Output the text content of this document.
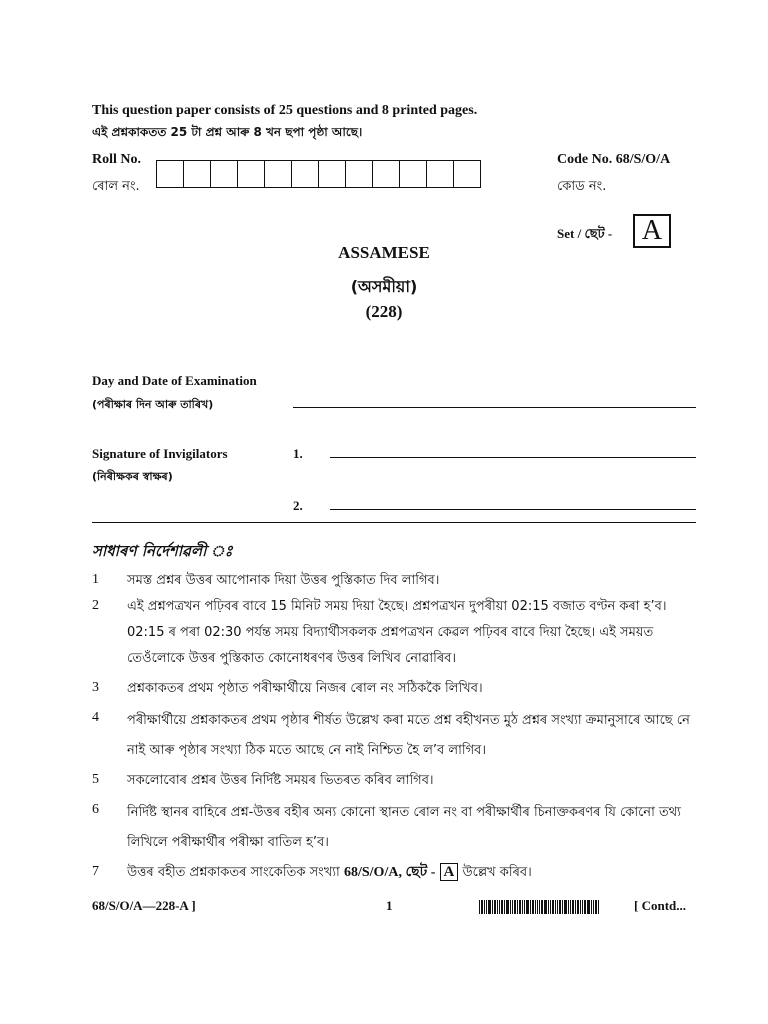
This question paper consists of 25 questions and 8 printed pages.
এই প্ৰশ্নকাকতত 25 টা প্ৰশ্ন আৰু 8 খন ছপা পৃষ্ঠা আছে।
Roll No.
ৰোল নং.
Code No. 68/S/O/A
কোড নং.
Set / ছেট -	A
ASSAMESE
(অসমীয়া)
(228)
Day and Date of Examination
(পৰীক্ষাৰ দিন আৰু তাৰিখ)
Signature of Invigilators
(নিৰীক্ষকৰ স্বাক্ষৰ)
1.
2.
সাধাৰণ নিৰ্দেশাৱলী ঃ
1 সমস্ত প্ৰশ্নৰ উত্তৰ আপোনাক দিয়া উত্তৰ পুস্তিকাত দিব লাগিব।
2 এই প্ৰশ্নপত্ৰখন পঢ়িবৰ বাবে 15 মিনিট সময় দিয়া হৈছে। প্ৰশ্নপত্ৰখন দুপৰীয়া 02:15 বজাত বণ্টন কৰা হ’ব। 02:15 ৰ পৰা 02:30 পৰ্যন্ত সময় বিদ্যাৰ্থীসকলক প্ৰশ্নপত্ৰখন কেৱল পঢ়িবৰ বাবে দিয়া হৈছে। এই সময়ত তেওঁলোকে উত্তৰ পুস্তিকাত কোনোধৰণৰ উত্তৰ লিখিব নোৱাৰিব।
3 প্ৰশ্নকাকতৰ প্ৰথম পৃষ্ঠাত পৰীক্ষাৰ্থীয়ে নিজৰ ৰোল নং সঠিককৈ লিখিব।
4 পৰীক্ষাৰ্থীয়ে প্ৰশ্নকাকতৰ প্ৰথম পৃষ্ঠাৰ শীৰ্ষত উল্লেখ কৰা মতে প্ৰশ্ন বহীখনত মুঠ প্ৰশ্নৰ সংখ্যা ক্ৰমানুসাৰে আছে নে নাই আৰু পৃষ্ঠাৰ সংখ্যা ঠিক মতে আছে নে নাই নিশ্চিত হৈ ল’ব লাগিব।
5 সকলোবোৰ প্ৰশ্নৰ উত্তৰ নিৰ্দিষ্ট সময়ৰ ভিতৰত কৰিব লাগিব।
6 নিৰ্দিষ্ট স্থানৰ বাহিৰে প্ৰশ্ন-উত্তৰ বহীৰ অন্য কোনো স্থানত ৰোল নং বা পৰীক্ষাৰ্থীৰ চিনাক্তকৰণৰ যি কোনো তথ্য লিখিলে পৰীক্ষাৰ্থীৰ পৰীক্ষা বাতিল হ’ব।
7 উত্তৰ বহীত প্ৰশ্নকাকতৰ সাংকেতিক সংখ্যা 68/S/O/A, ছেট - A উল্লেখ কৰিব।
68/S/O/A—228-A ]	1	[ Contd...
